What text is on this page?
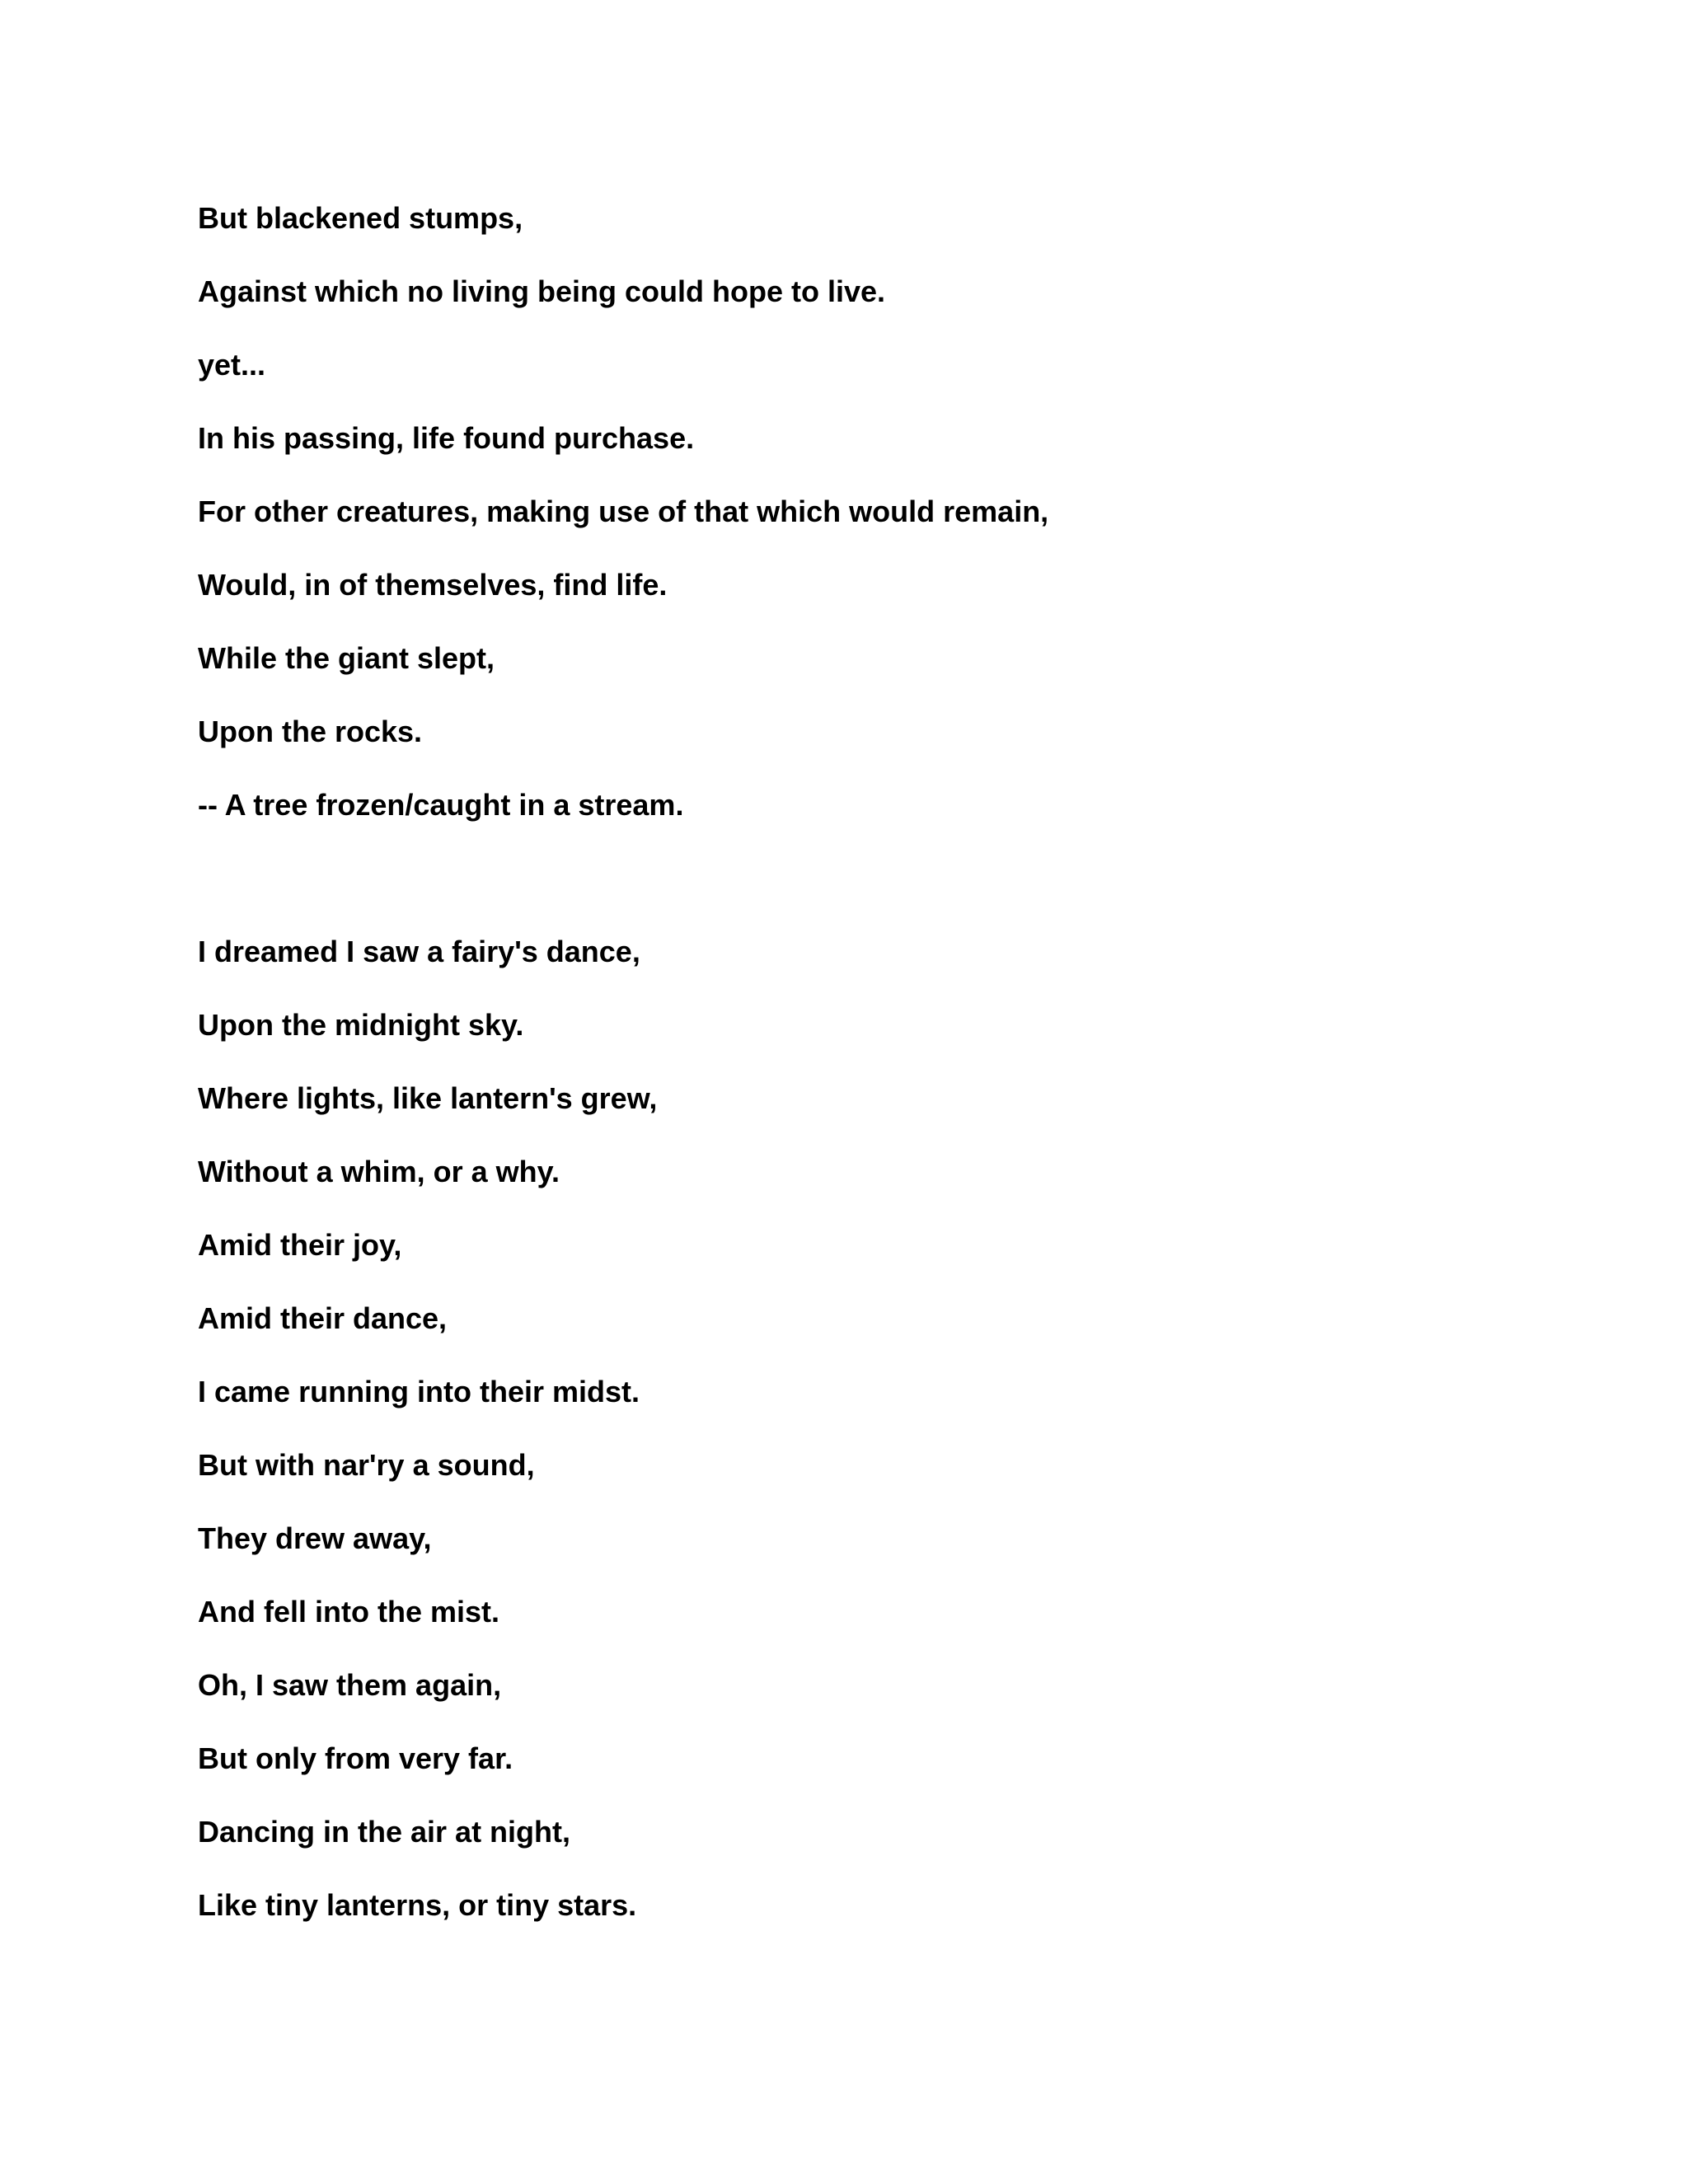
But blackened stumps,
Against which no living being could hope to live.
yet...
In his passing, life found purchase.
For other creatures, making use of that which would remain,
Would, in of themselves, find life.
While the giant slept,
Upon the rocks.
-- A tree frozen/caught in a stream.
I dreamed I saw a fairy's dance,
Upon the midnight sky.
Where lights, like lantern's grew,
Without a whim, or a why.
Amid their joy,
Amid their dance,
I came running into their midst.
But with nar'ry a sound,
They drew away,
And fell into the mist.
Oh, I saw them again,
But only from very far.
Dancing in the air at night,
Like tiny lanterns, or tiny stars.
